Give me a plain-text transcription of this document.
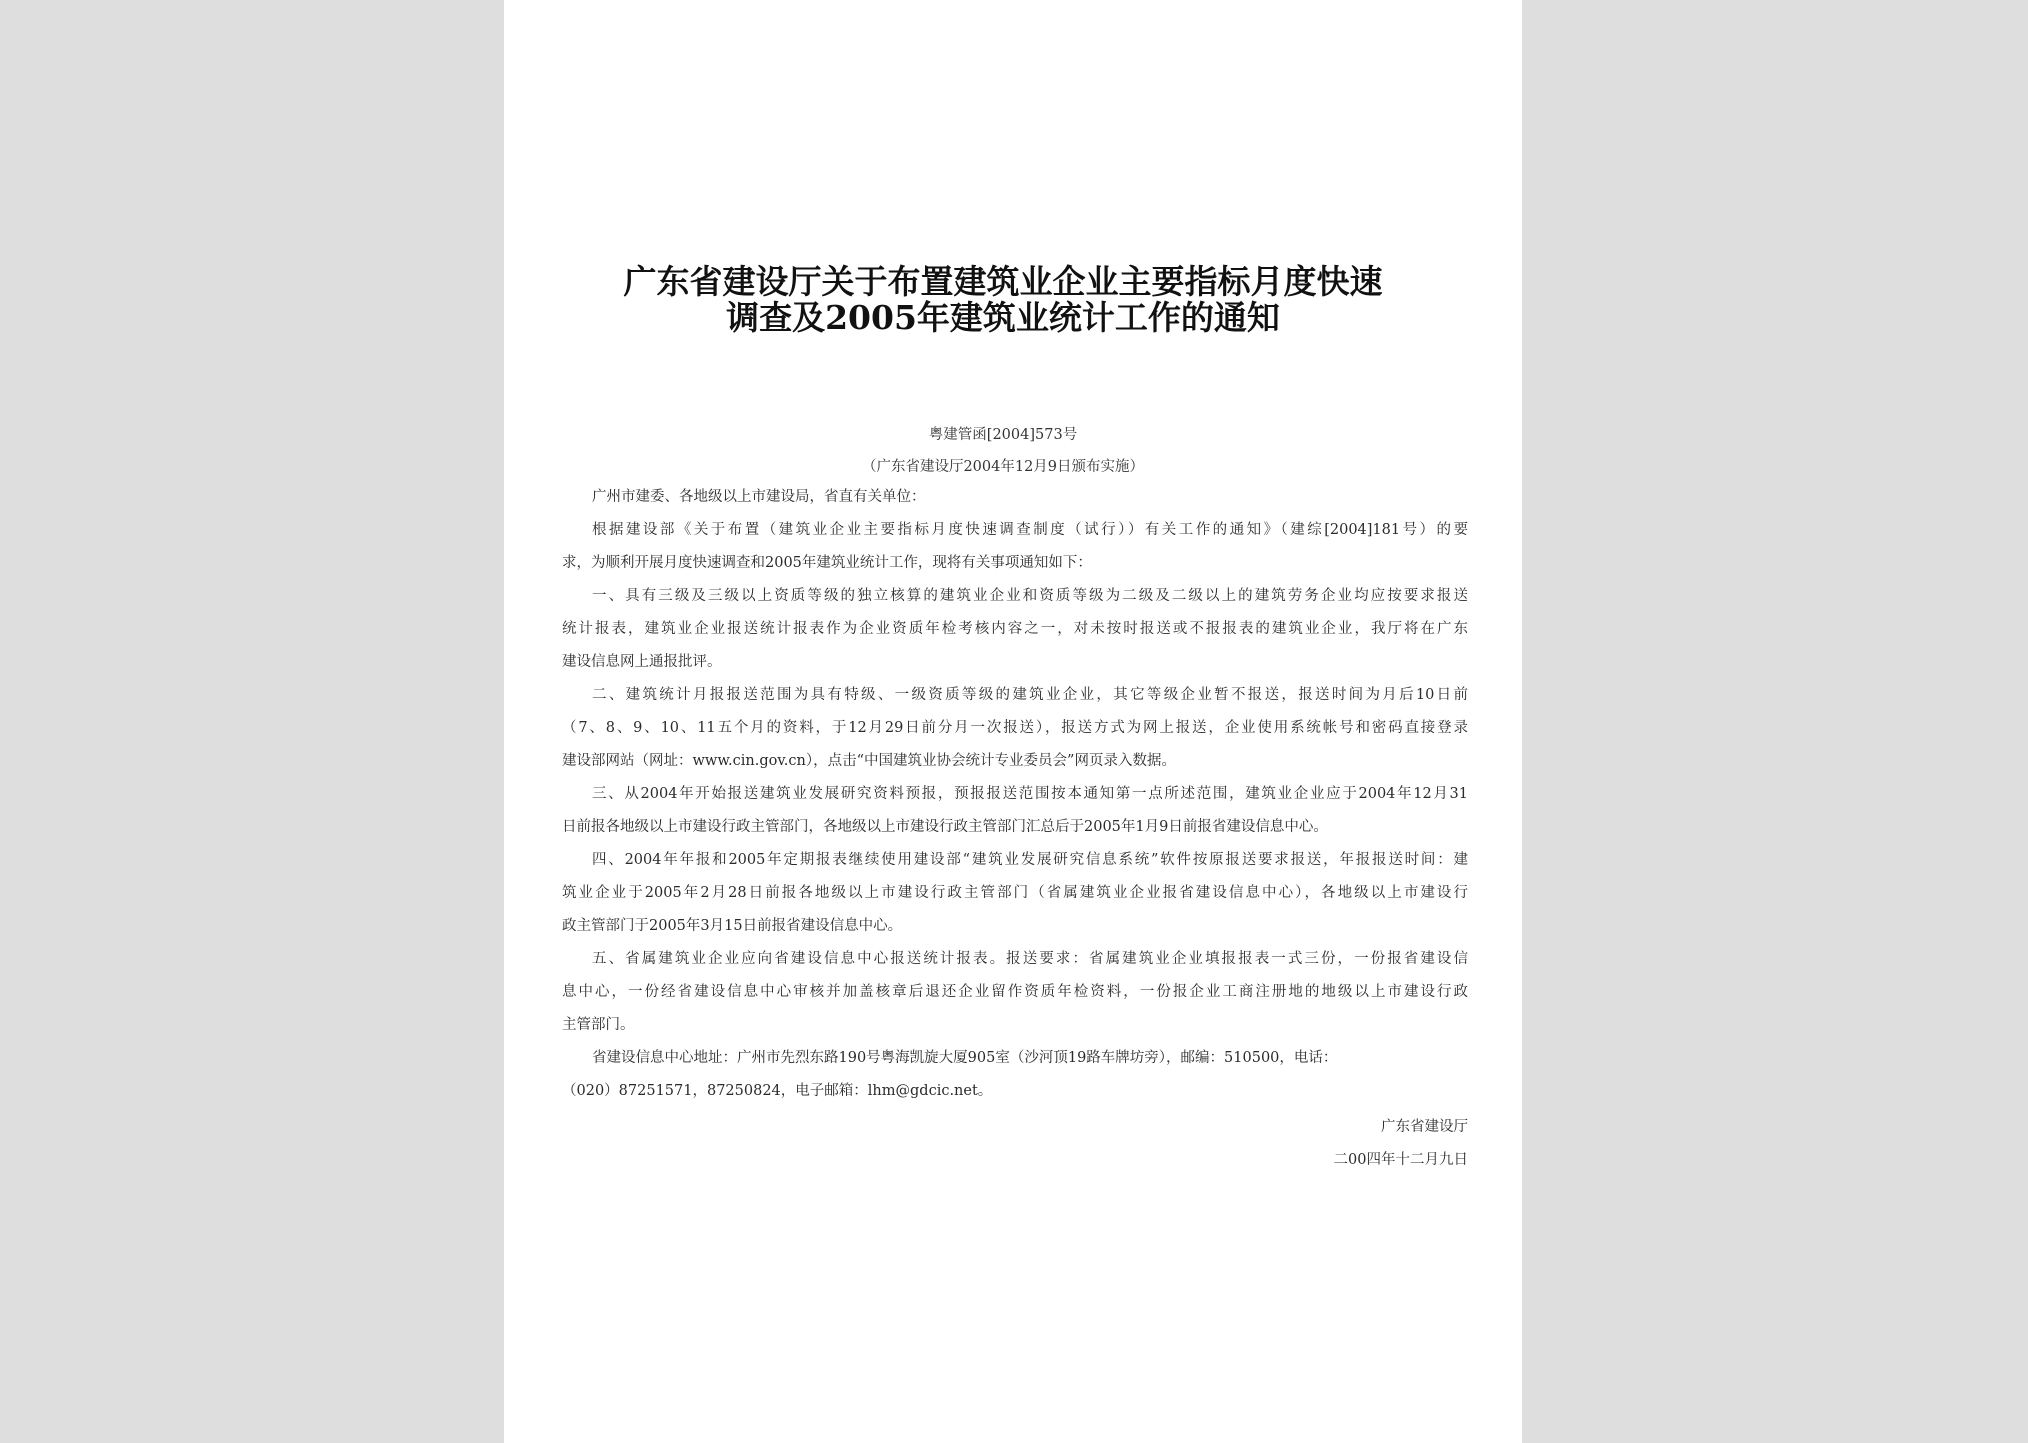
广东省建设厅关于布置建筑业企业主要指标月度快速
调查及2005年建筑业统计工作的通知
粤建管函[2004]573号
（广东省建设厅2004年12月9日颁布实施）
广州市建委、各地级以上市建设局，省直有关单位：
根据建设部《关于布置（建筑业企业主要指标月度快速调查制度（试行））有关工作的通知》（建综[2004]181号）的要
求，为顺利开展月度快速调查和2005年建筑业统计工作，现将有关事项通知如下：
一、具有三级及三级以上资质等级的独立核算的建筑业企业和资质等级为二级及二级以上的建筑劳务企业均应按要求报送
统计报表，建筑业企业报送统计报表作为企业资质年检考核内容之一，对未按时报送或不报报表的建筑业企业，我厅将在广东
建设信息网上通报批评。
二、建筑统计月报报送范围为具有特级、一级资质等级的建筑业企业，其它等级企业暂不报送，报送时间为月后10日前
（7、8、9、10、11五个月的资料，于12月29日前分月一次报送），报送方式为网上报送，企业使用系统帐号和密码直接登录
建设部网站（网址：www.cin.gov.cn），点击“中国建筑业协会统计专业委员会”网页录入数据。
三、从2004年开始报送建筑业发展研究资料预报，预报报送范围按本通知第一点所述范围，建筑业企业应于2004年12月31
日前报各地级以上市建设行政主管部门，各地级以上市建设行政主管部门汇总后于2005年1月9日前报省建设信息中心。
四、2004年年报和2005年定期报表继续使用建设部“建筑业发展研究信息系统”软件按原报送要求报送，年报报送时间：建
筑业企业于2005年2月28日前报各地级以上市建设行政主管部门（省属建筑业企业报省建设信息中心），各地级以上市建设行
政主管部门于2005年3月15日前报省建设信息中心。
五、省属建筑业企业应向省建设信息中心报送统计报表。报送要求：省属建筑业企业填报报表一式三份，一份报省建设信
息中心，一份经省建设信息中心审核并加盖核章后退还企业留作资质年检资料，一份报企业工商注册地的地级以上市建设行政
主管部门。
省建设信息中心地址：广州市先烈东路190号粤海凯旋大厦905室（沙河顶19路车牌坊旁），邮编：510500，电话：
（020）87251571，87250824，电子邮箱：lhm@gdcic.net。
广东省建设厅
二00四年十二月九日
